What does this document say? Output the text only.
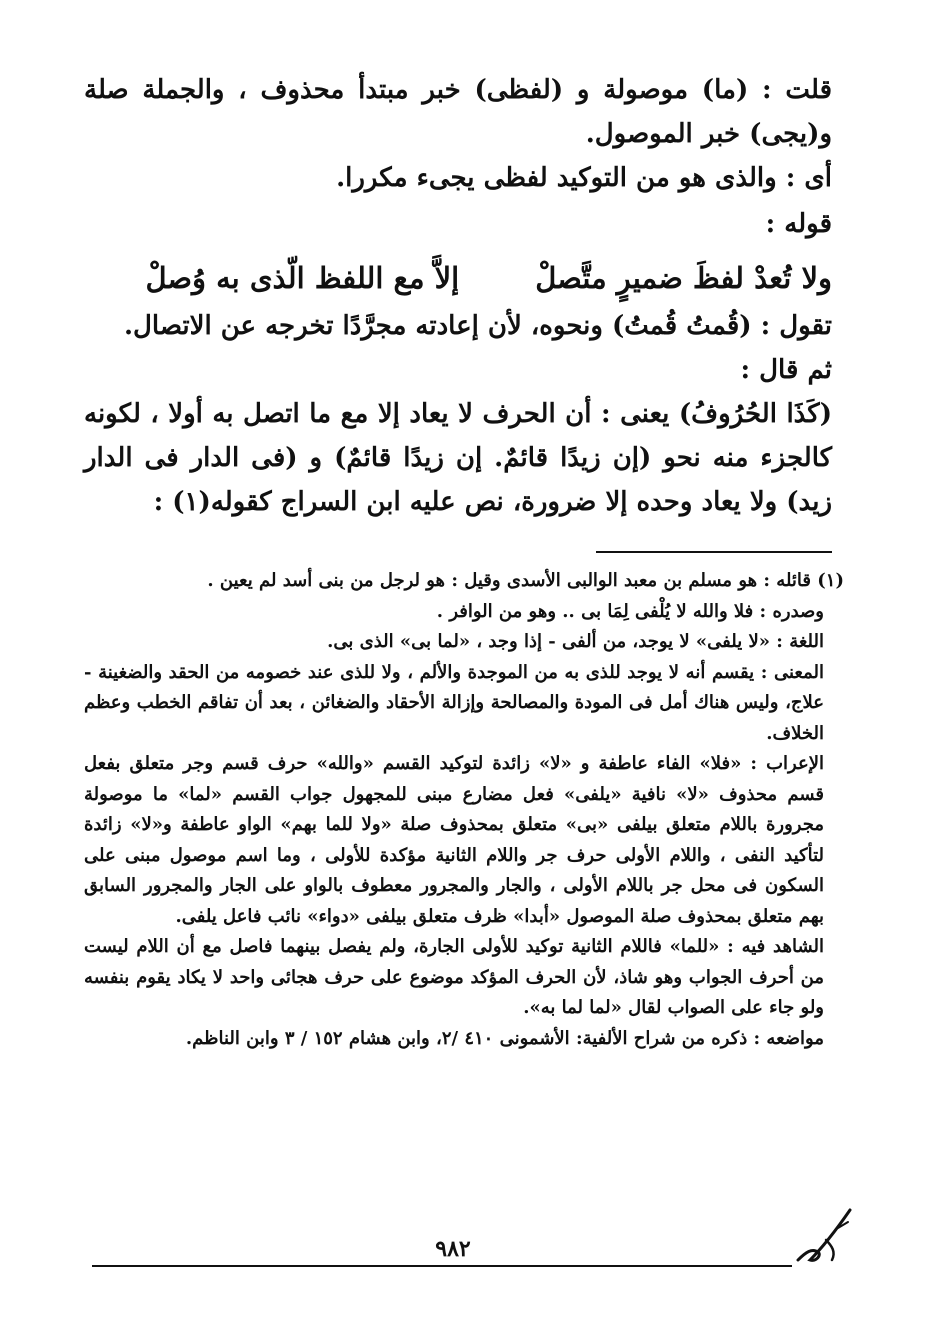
قلت : (ما) موصولة و (لفظى) خبر مبتدأ محذوف ، والجملة صلة و(يجى) خبر الموصول.

أى : والذى هو من التوكيد لفظى يجىء مكررا.

قوله :

ولا تُعدْ لفظَ ضميرٍ متَّصلْ
إلاَّ مع اللفظ الّذى به وُصلْ

تقول : (قُمتُ قُمتُ) ونحوه، لأن إعادته مجرَّدًا تخرجه عن الاتصال.

ثم قال :

(كَذَا الحُرُوفُ) يعنى : أن الحرف لا يعاد إلا مع ما اتصل به أولا ، لكونه كالجزء منه نحو (إن زيدًا قائمٌ. إن زيدًا قائمٌ) و (فى الدار فى الدار زيد) ولا يعاد وحده إلا ضرورة، نص عليه ابن السراج كقوله(١) :

(١) قائله : هو مسلم بن معبد الوالبى الأسدى وقيل : هو لرجل من بنى أسد لم يعين .

وصدره : فلا والله لا يُلْفى لِمَا بى .. وهو من الوافر .

اللغة : «لا يلفى» لا يوجد، من ألفى - إذا وجد ، «لما بى» الذى بى.

المعنى : يقسم أنه لا يوجد للذى به من الموجدة والألم ، ولا للذى عند خصومه من الحقد والضغينة - علاج، وليس هناك أمل فى المودة والمصالحة وإزالة الأحقاد والضغائن ، بعد أن تفاقم الخطب وعظم الخلاف.

الإعراب : «فلا» الفاء عاطفة و «لا» زائدة لتوكيد القسم «والله» حرف قسم وجر متعلق بفعل قسم محذوف «لا» نافية «يلفى» فعل مضارع مبنى للمجهول جواب القسم «لما» ما موصولة مجرورة باللام متعلق بيلفى «بى» متعلق بمحذوف صلة «ولا للما بهم» الواو عاطفة و«لا» زائدة لتأكيد النفى ، واللام الأولى حرف جر واللام الثانية مؤكدة للأولى ، وما اسم موصول مبنى على السكون فى محل جر باللام الأولى ، والجار والمجرور معطوف بالواو على الجار والمجرور السابق بهم متعلق بمحذوف صلة الموصول «أبدا» ظرف متعلق بيلفى «دواء» نائب فاعل يلفى.

الشاهد فيه : «للما» فاللام الثانية توكيد للأولى الجارة، ولم يفصل بينهما فاصل مع أن اللام ليست من أحرف الجواب وهو شاذ، لأن الحرف المؤكد موضوع على حرف هجائى واحد لا يكاد يقوم بنفسه ولو جاء على الصواب لقال «لما لما به».

مواضعه : ذكره من شراح الألفية: الأشمونى ٤١٠ /٢، وابن هشام ١٥٢ / ٣ وابن الناظم.

٩٨٢
